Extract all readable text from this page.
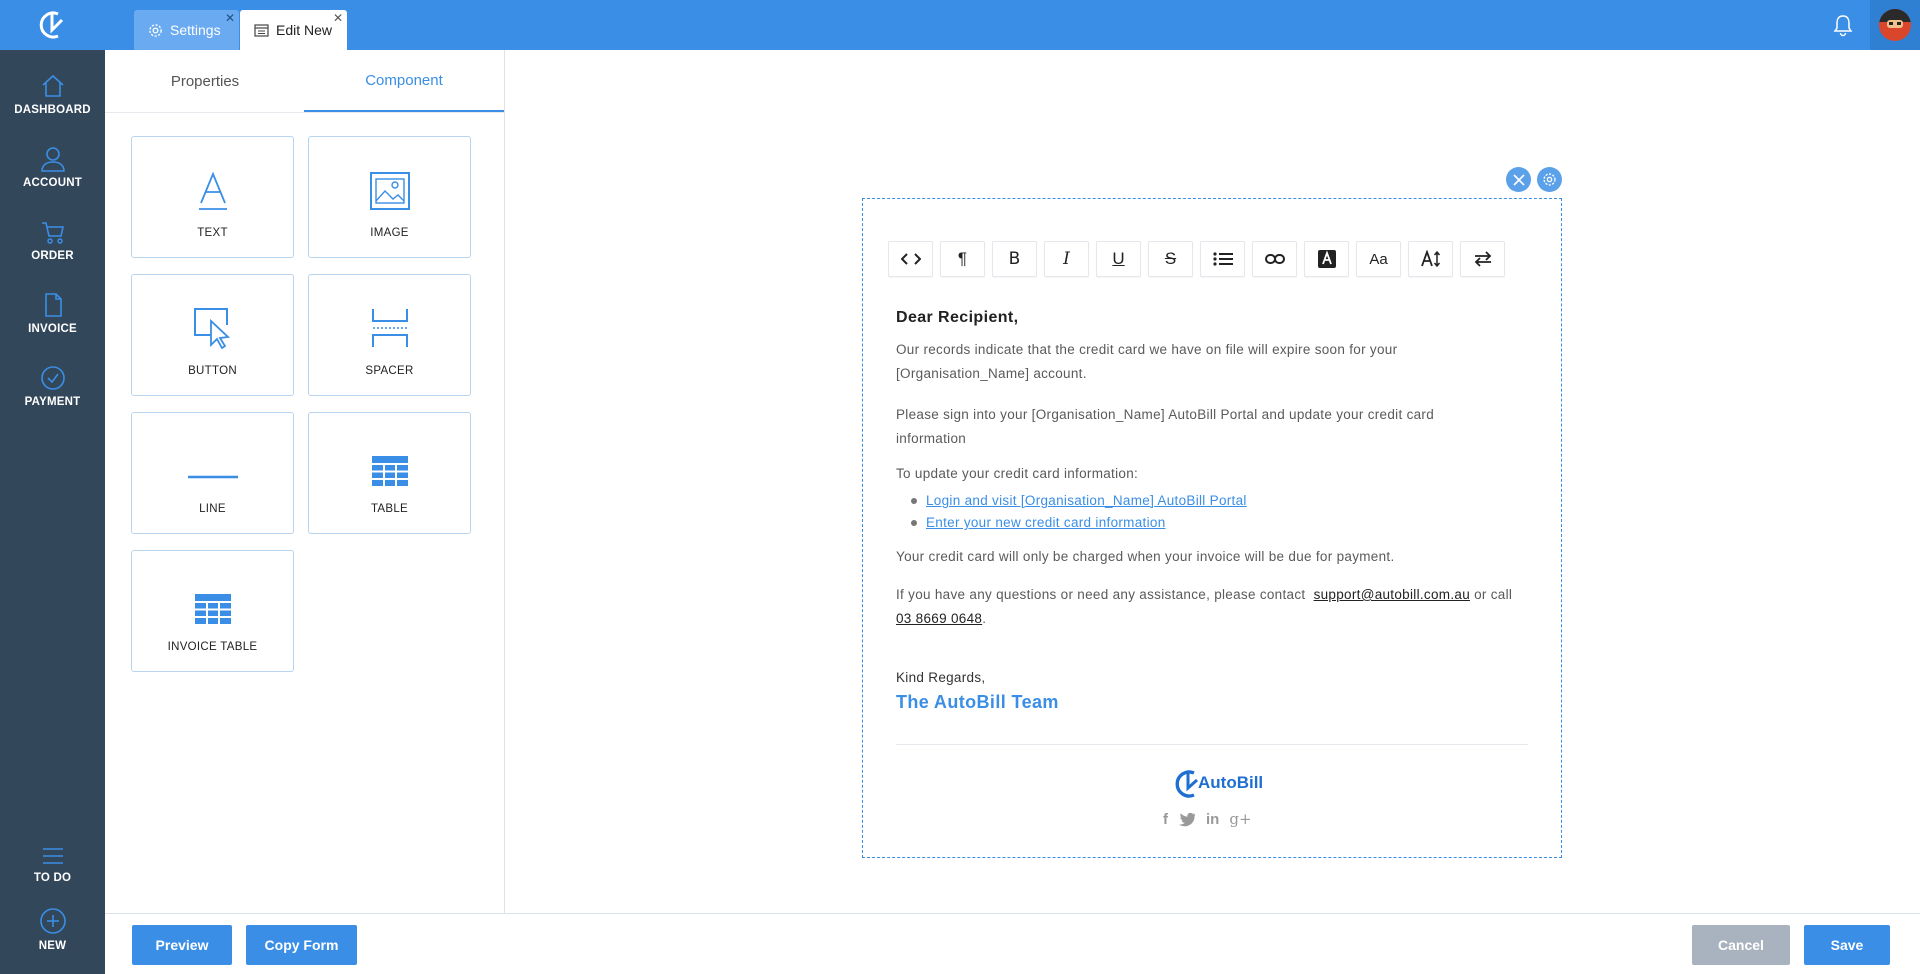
Settings
✕
Edit New
✕
DASHBOARD
ACCOUNT
ORDER
INVOICE
PAYMENT
TO DO
NEW
Properties	Component
TEXT	IMAGE
BUTTON	SPACER
LINE	TABLE
INVOICE TABLE
¶ B	I	U S	Aa
Dear Recipient,
Our records indicate that the credit card we have on file will expire soon for your [Organisation_Name] account.
Please sign into your [Organisation_Name] AutoBill Portal and update your credit card information
To update your credit card information:
Login and visit [Organisation_Name] AutoBill Portal
Enter your new credit card information
Your credit card will only be charged when your invoice will be due for payment.
If you have any questions or need any assistance, please contact support@autobill.com.au or call 03 8669 0648.
Kind Regards,
The AutoBill Team
AutoBill
f	in g+
Preview	Copy Form	Cancel	Save
